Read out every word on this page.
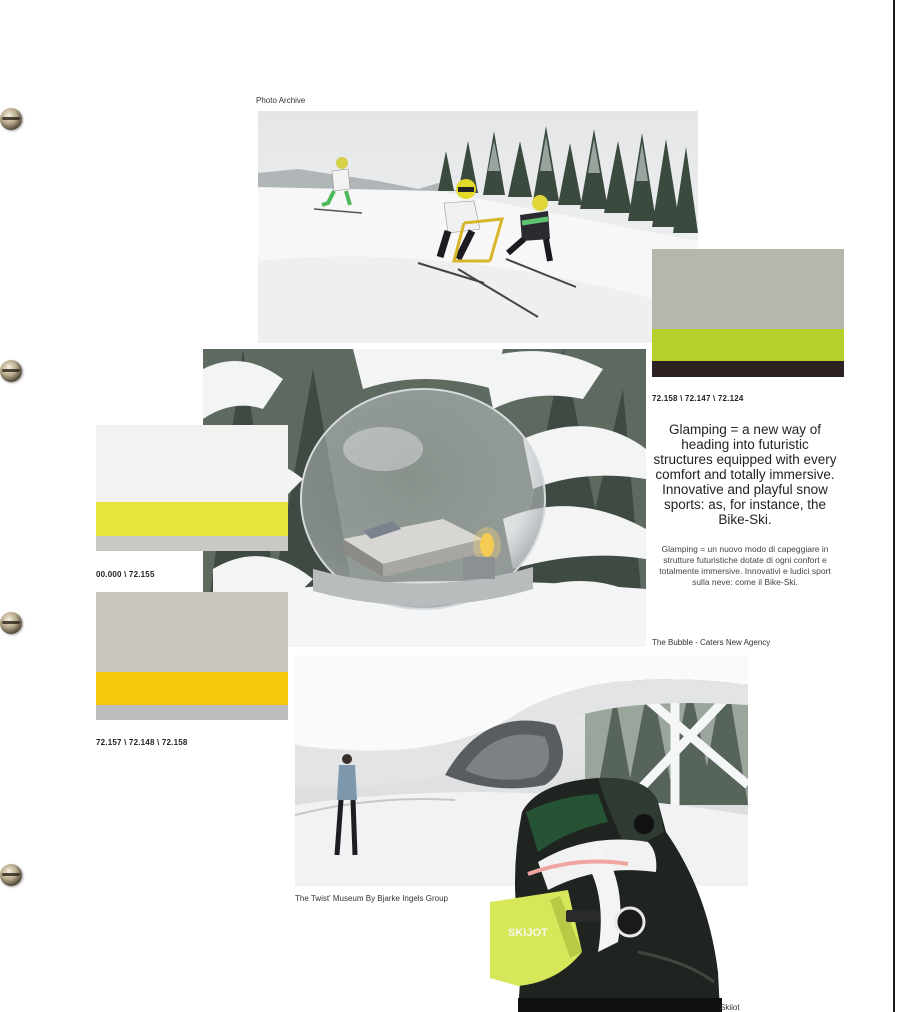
Photo Archive
72.158 \ 72.147 \ 72.124
00.000 \ 72.155
72.157 \ 72.148 \ 72.158
Glamping = a new way of heading into futuristic structures equipped with every comfort and totally immersive. Innovative and playful snow sports: as, for instance, the Bike-Ski.
Glamping = un nuovo modo di capeggiare in strutture futuristiche dotate di ogni confort e totalmente immersive. Innovativi e ludici sport sulla neve: come il Bike-Ski.
The Bubble - Caters New Agency
The Twist' Museum By Bjarke Ingels Group
SKIJOT
Skiiot
